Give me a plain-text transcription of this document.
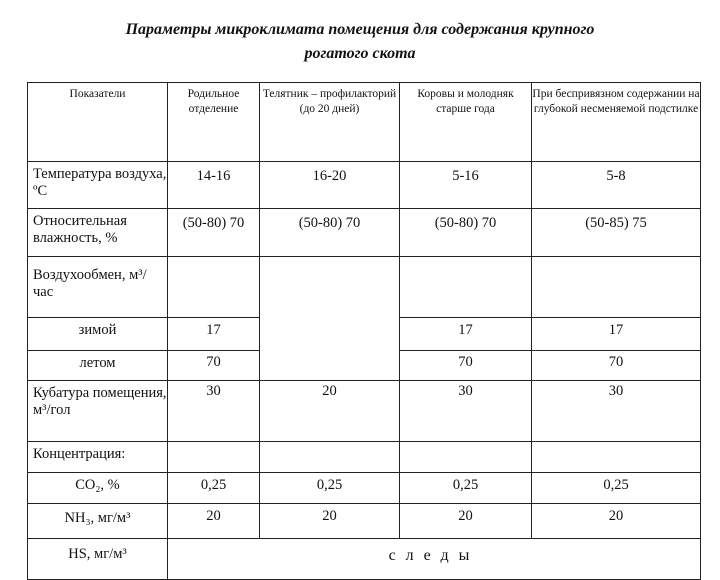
Параметры микроклимата помещения для содержания крупного
рогатого скота
Показатели	Родильное отделение	Телятник – профилакторий (до 20 дней)	Коровы и молодняк старше года	При беспривязном содержании на глубокой несменяемой подстилке
Температура воздуха, ºС	14-16	16-20	5-16	5-8
Относительная влажность, %	(50-80) 70	(50-80) 70	(50-80) 70	(50-85) 75
Воздухообмен, м³/ час				
зимой	17		17	17
летом	70		70	70
Кубатура помещения, м³/гол	30	20	30	30
Концентрация:				
СО₂, %	0,25	0,25	0,25	0,25
NH₃, мг/м³	20	20	20	20
HS, мг/м³	следы			
